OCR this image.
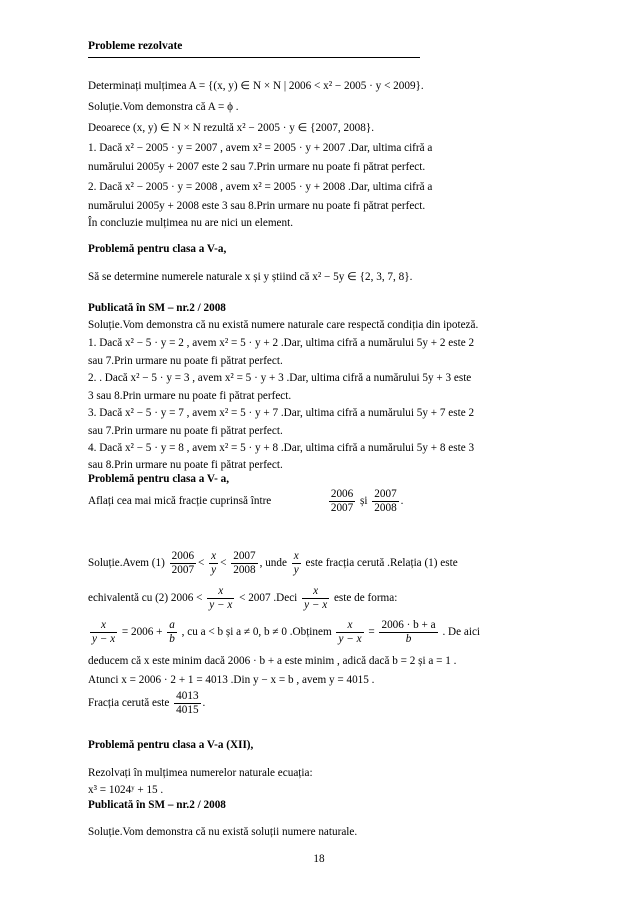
Probleme rezolvate
Determinați mulțimea A = {(x, y) ∈ N × N | 2006 < x² − 2005 · y < 2009}.
Soluție.Vom demonstra că A = ϕ .
Deoarece (x, y) ∈ N × N rezultă x² − 2005 · y ∈ {2007, 2008}.
1. Dacă x² − 2005 · y = 2007 , avem x² = 2005 · y + 2007 .Dar, ultima cifră a
numărului 2005y + 2007 este 2 sau 7.Prin urmare nu poate fi pătrat perfect.
2. Dacă x² − 2005 · y = 2008 , avem x² = 2005 · y + 2008 .Dar, ultima cifră a
numărului 2005y + 2008 este 3 sau 8.Prin urmare nu poate fi pătrat perfect.
În concluzie mulțimea nu are nici un element.
Problemă pentru clasa a V-a,
Să se determine numerele naturale x și y știind că x² − 5y ∈ {2, 3, 7, 8}.
Publicată în SM – nr.2 / 2008
Soluție.Vom demonstra că nu există numere naturale care respectă condiția din ipoteză.
1. Dacă x² − 5 · y = 2 , avem x² = 5 · y + 2 .Dar, ultima cifră a numărului 5y + 2 este 2
sau 7.Prin urmare nu poate fi pătrat perfect.
2. . Dacă x² − 5 · y = 3 , avem x² = 5 · y + 3 .Dar, ultima cifră a numărului 5y + 3 este
3 sau 8.Prin urmare nu poate fi pătrat perfect.
3. Dacă x² − 5 · y = 7 , avem x² = 5 · y + 7 .Dar, ultima cifră a numărului 5y + 7 este 2
sau 7.Prin urmare nu poate fi pătrat perfect.
4. Dacă x² − 5 · y = 8 , avem x² = 5 · y + 8 .Dar, ultima cifră a numărului 5y + 8 este 3
sau 8.Prin urmare nu poate fi pătrat perfect.
Problemă pentru clasa a V- a,
Aflați cea mai mică fracție cuprinsă între	$\frac{2006}{2007}$ și $\frac{2007}{2008}$ .
Soluție.Avem $(1) \frac{2006}{2007} < \frac{x}{y} < \frac{2007}{2008}$ , unde $\frac{x}{y}$ este fracția cerută .Relația (1) este
echivalentă cu (2) $2006 < \frac{x}{y - x} < 2007$ .Deci $\frac{x}{y - x}$ este de forma:
$\frac{x}{y - x} = 2006 + \frac{a}{b}$ , cu a < b și a ≠ 0, b ≠ 0 .Obținem $\frac{x}{y - x} = \frac{2006 \cdot b + a}{b}$ . De aici
deducem că x este minim dacă 2006 · b + a este minim , adică dacă b = 2 și a = 1 .
Atunci x = 2006 · 2 + 1 = 4013 .Din y − x = b , avem y = 4015 .
Fracția cerută este $\frac{4013}{4015}$ .
Problemă pentru clasa a V-a (XII),
Rezolvați în mulțimea numerelor naturale ecuația:
x³ = 1024ʸ + 15 .
Publicată în SM – nr.2 / 2008
Soluție.Vom demonstra că nu există soluții numere naturale.
18
